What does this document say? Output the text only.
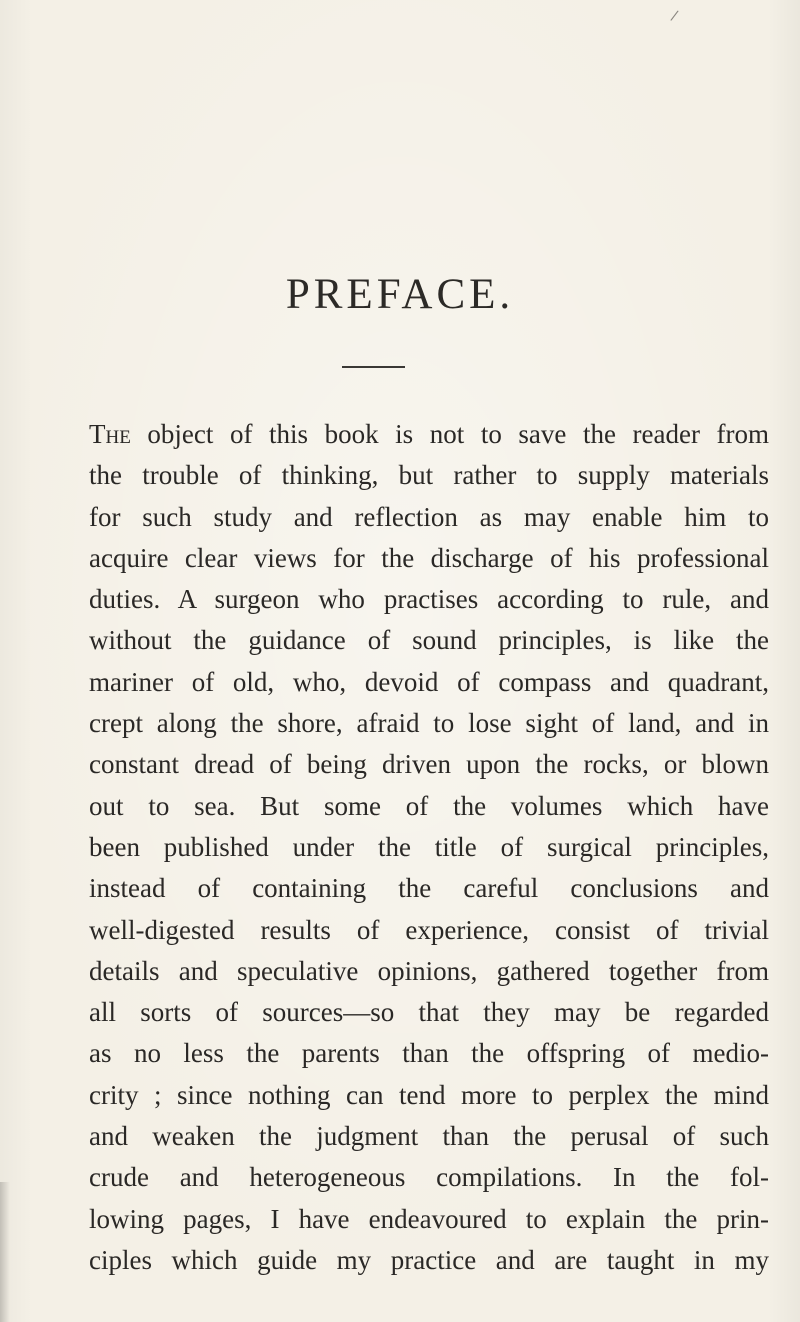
/
PREFACE.
The object of this book is not to save the reader from
the trouble of thinking, but rather to supply materials
for such study and reflection as may enable him to
acquire clear views for the discharge of his professional
duties. A surgeon who practises according to rule, and
without the guidance of sound principles, is like the
mariner of old, who, devoid of compass and quadrant,
crept along the shore, afraid to lose sight of land, and in
constant dread of being driven upon the rocks, or blown
out to sea. But some of the volumes which have
been published under the title of surgical principles,
instead of containing the careful conclusions and
well-digested results of experience, consist of trivial
details and speculative opinions, gathered together from
all sorts of sources—so that they may be regarded
as no less the parents than the offspring of medio-
crity ; since nothing can tend more to perplex the mind
and weaken the judgment than the perusal of such
crude and heterogeneous compilations. In the fol-
lowing pages, I have endeavoured to explain the prin-
ciples which guide my practice and are taught in my
